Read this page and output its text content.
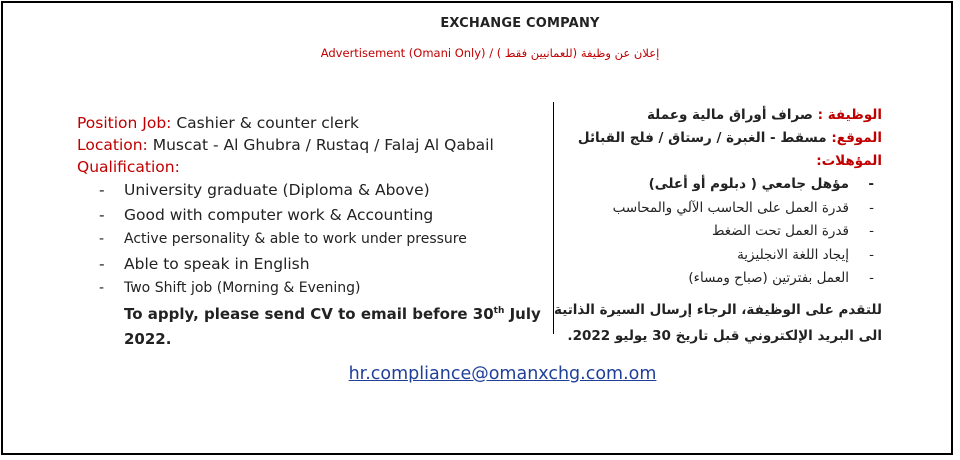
EXCHANGE COMPANY
Advertisement (Omani Only) / إعلان عن وظيفة (للعمانيين فقط )
Position Job: Cashier & counter clerk
Location: Muscat - Al Ghubra / Rustaq / Falaj Al Qabail
Qualification:
- University graduate (Diploma & Above)
- Good with computer work & Accounting
- Active personality & able to work under pressure
- Able to speak in English
- Two Shift job (Morning & Evening)
To apply, please send CV to email before 30th July
2022.
الوظيفة : صراف أوراق مالية وعملة
الموقع: مسقط - الغبرة / رستاق / فلج القبائل
المؤهلات:
- مؤهل جامعي ( دبلوم أو أعلى)
- قدرة العمل على الحاسب الآلي والمحاسب
- قدرة العمل تحت الضغط
- إيجاد اللغة الانجليزية
- العمل بفترتين (صباح ومساء)
للتقدم على الوظيفة، الرجاء إرسال السيرة الذاتية
الى البريد الإلكتروني قبل تاريخ 30 يوليو 2022.
hr.compliance@omanxchg.com.om
